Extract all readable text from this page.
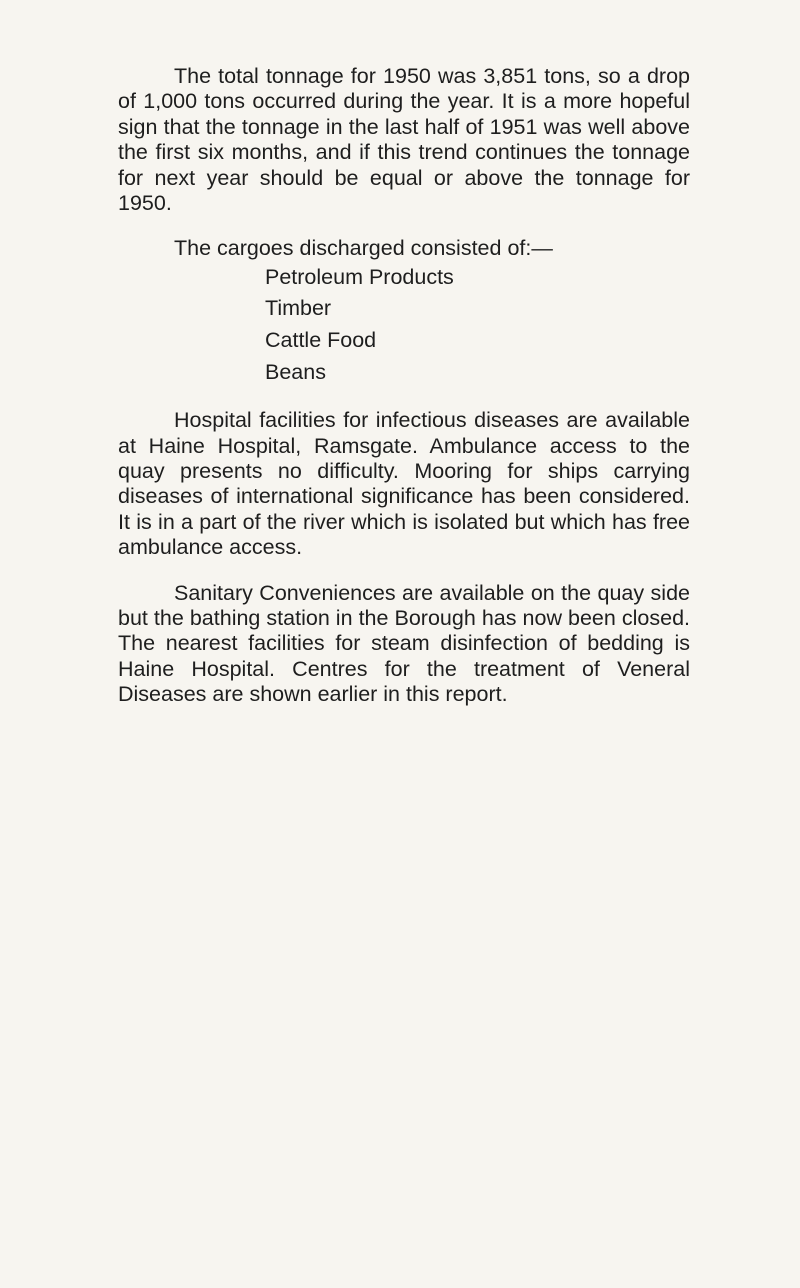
The total tonnage for 1950 was 3,851 tons, so a drop of 1,000 tons occurred during the year. It is a more hopeful sign that the tonnage in the last half of 1951 was well above the first six months, and if this trend continues the tonnage for next year should be equal or above the tonnage for 1950.

The cargoes discharged consisted of:—

Petroleum Products
Timber
Cattle Food
Beans

Hospital facilities for infectious diseases are available at Haine Hospital, Ramsgate. Ambulance access to the quay presents no difficulty. Mooring for ships carrying diseases of international significance has been considered. It is in a part of the river which is isolated but which has free ambulance access.

Sanitary Conveniences are available on the quay side but the bathing station in the Borough has now been closed. The nearest facilities for steam disinfection of bedding is Haine Hospital. Centres for the treatment of Veneral Diseases are shown earlier in this report.
